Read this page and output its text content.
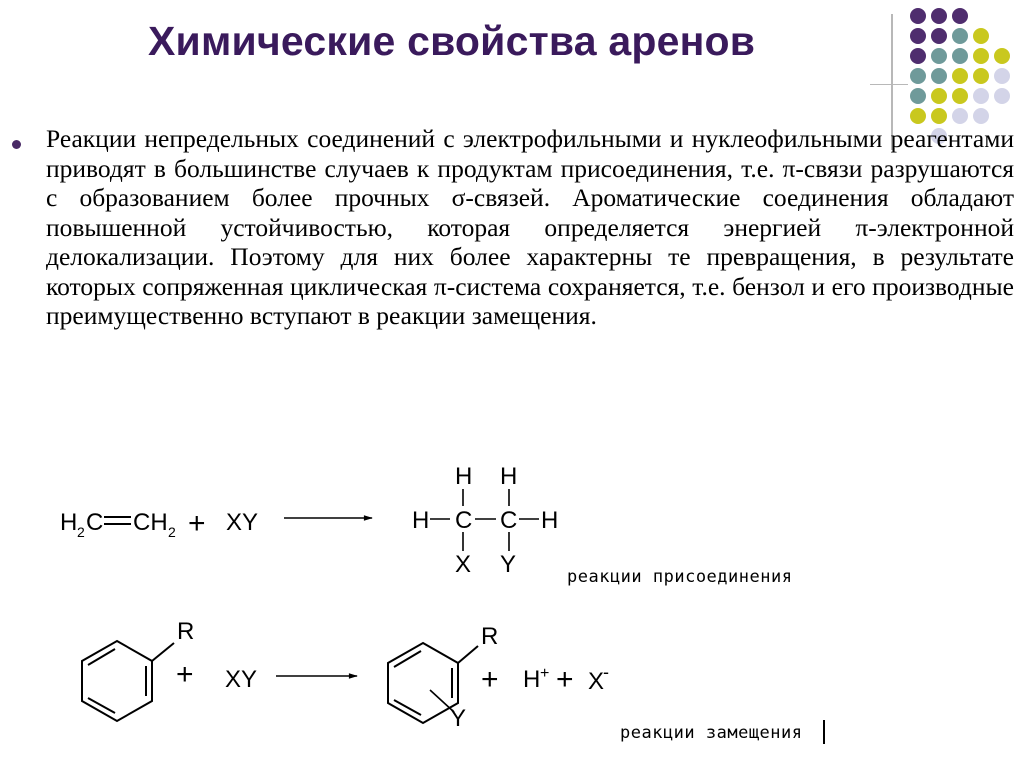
Химические свойства аренов
Реакции непредельных соединений с электрофильными и нуклеофильными реагентами приводят в большинстве случаев к продуктам присоединения, т.е. π-связи разрушаются с образованием более прочных σ-связей. Ароматические соединения обладают повышенной устойчивостью, которая определяется энергией π-электронной делокализации. Поэтому для них более характерны те превращения, в результате которых сопряженная циклическая π-система сохраняется, т.е. бензол и его производные преимущественно вступают в реакции замещения.
H 2 C CH 2 + XY
H H
H C C H
X Y	реакции присоединения
R
+ XY
R
Y
+ H + + X
-
реакции замещения
